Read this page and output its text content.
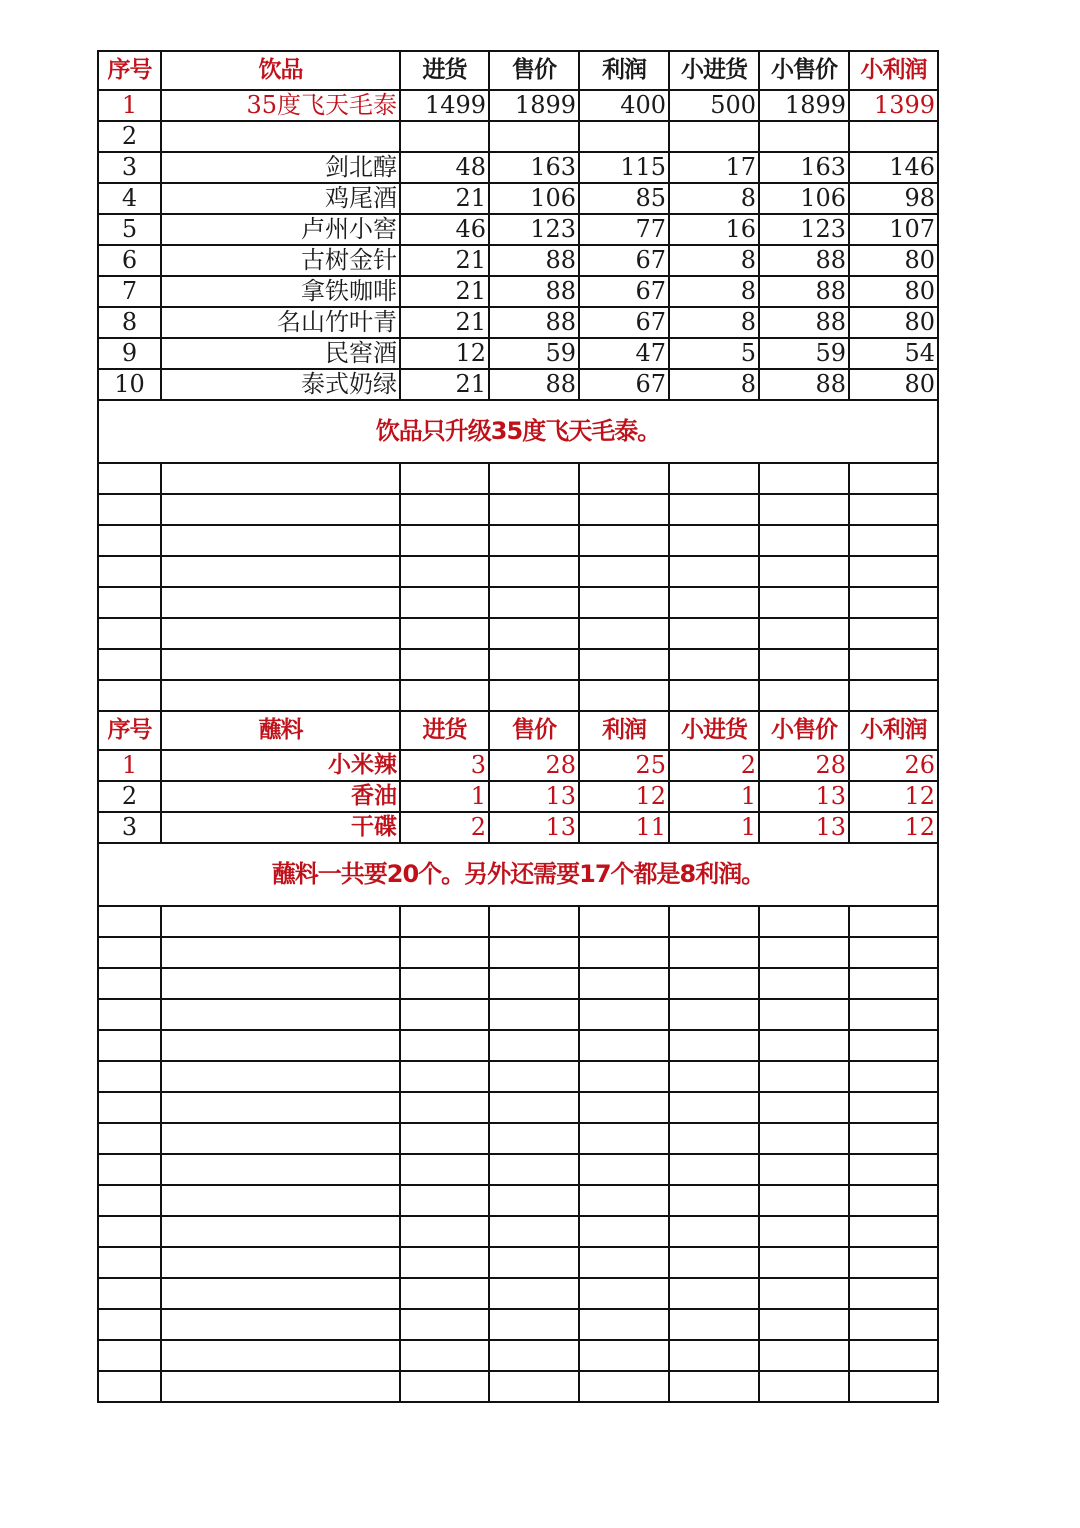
序号	饮品	进货	售价	利润	小进货	小售价	小利润
1	35度飞天毛泰	1499	1899	400	500	1899	1399
2							
3	剑北醇	48	163	115	17	163	146
4	鸡尾酒	21	106	85	8	106	98
5	卢州小窖	46	123	77	16	123	107
6	古树金针	21	88	67	8	88	80
7	拿铁咖啡	21	88	67	8	88	80
8	名山竹叶青	21	88	67	8	88	80
9	民窖酒	12	59	47	5	59	54
10	泰式奶绿	21	88	67	8	88	80
饮品只升级35度飞天毛泰。							

序号	蘸料	进货	售价	利润	小进货	小售价	小利润
1	小米辣	3	28	25	2	28	26
2	香油	1	13	12	1	13	12
3	干碟	2	13	11	1	13	12
蘸料一共要20个。另外还需要17个都是8利润。							
